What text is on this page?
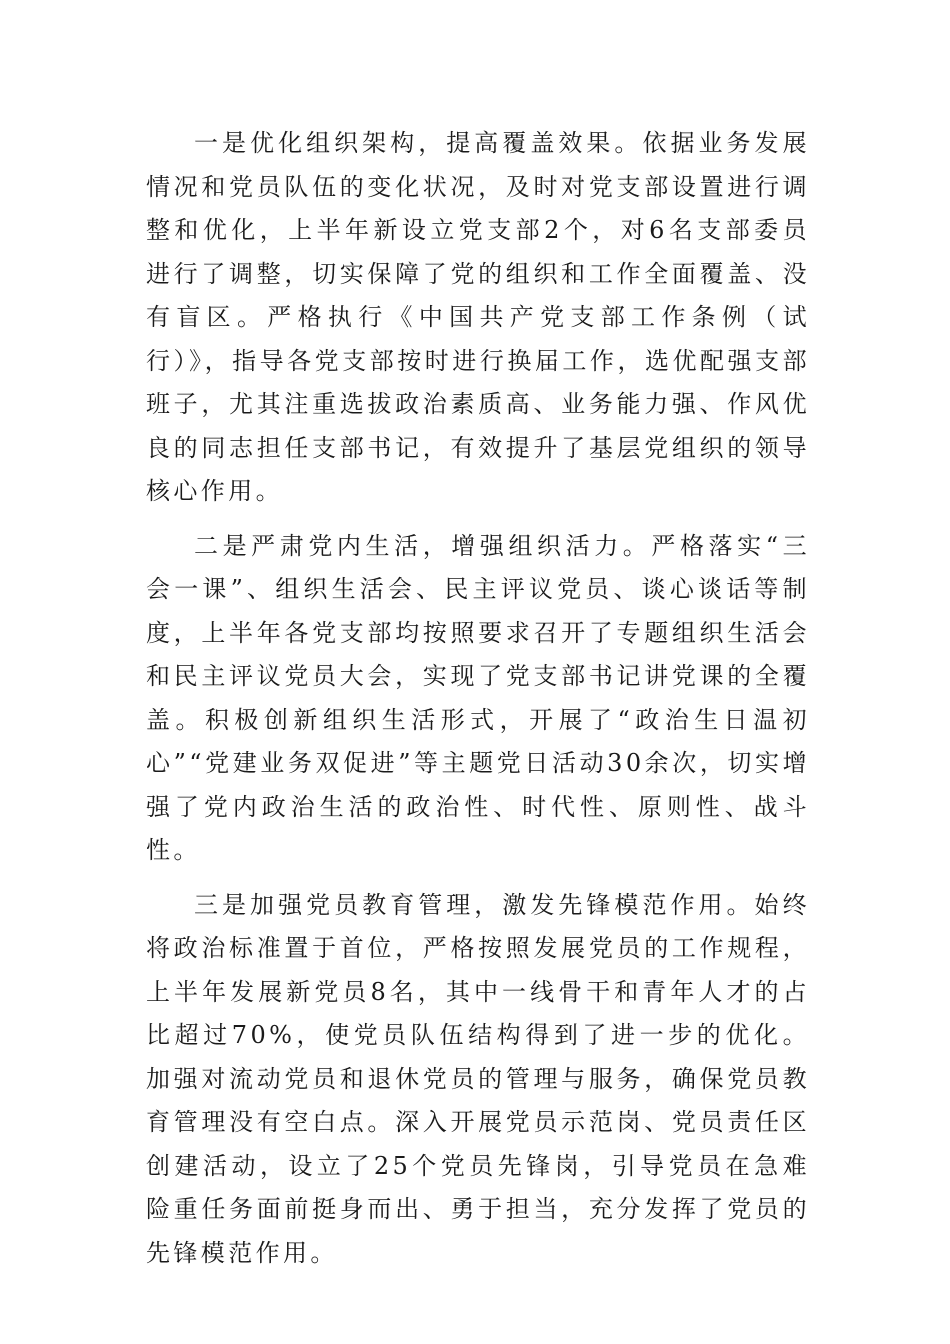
一是优化组织架构，提高覆盖效果。依据业务发展情况和党员队伍的变化状况，及时对党支部设置进行调整和优化，上半年新设立党支部2个，对6名支部委员进行了调整，切实保障了党的组织和工作全面覆盖、没有盲区。严格执行《中国共产党支部工作条例（试行）》，指导各党支部按时进行换届工作，选优配强支部班子，尤其注重选拔政治素质高、业务能力强、作风优良的同志担任支部书记，有效提升了基层党组织的领导核心作用。

二是严肃党内生活，增强组织活力。严格落实“三会一课”、组织生活会、民主评议党员、谈心谈话等制度，上半年各党支部均按照要求召开了专题组织生活会和民主评议党员大会，实现了党支部书记讲党课的全覆盖。积极创新组织生活形式，开展了“政治生日温初心”“党建业务双促进”等主题党日活动30余次，切实增强了党内政治生活的政治性、时代性、原则性、战斗性。

三是加强党员教育管理，激发先锋模范作用。始终将政治标准置于首位，严格按照发展党员的工作规程，上半年发展新党员8名，其中一线骨干和青年人才的占比超过70%，使党员队伍结构得到了进一步的优化。加强对流动党员和退休党员的管理与服务，确保党员教育管理没有空白点。深入开展党员示范岗、党员责任区创建活动，设立了25个党员先锋岗，引导党员在急难险重任务面前挺身而出、勇于担当，充分发挥了党员的先锋模范作用。
